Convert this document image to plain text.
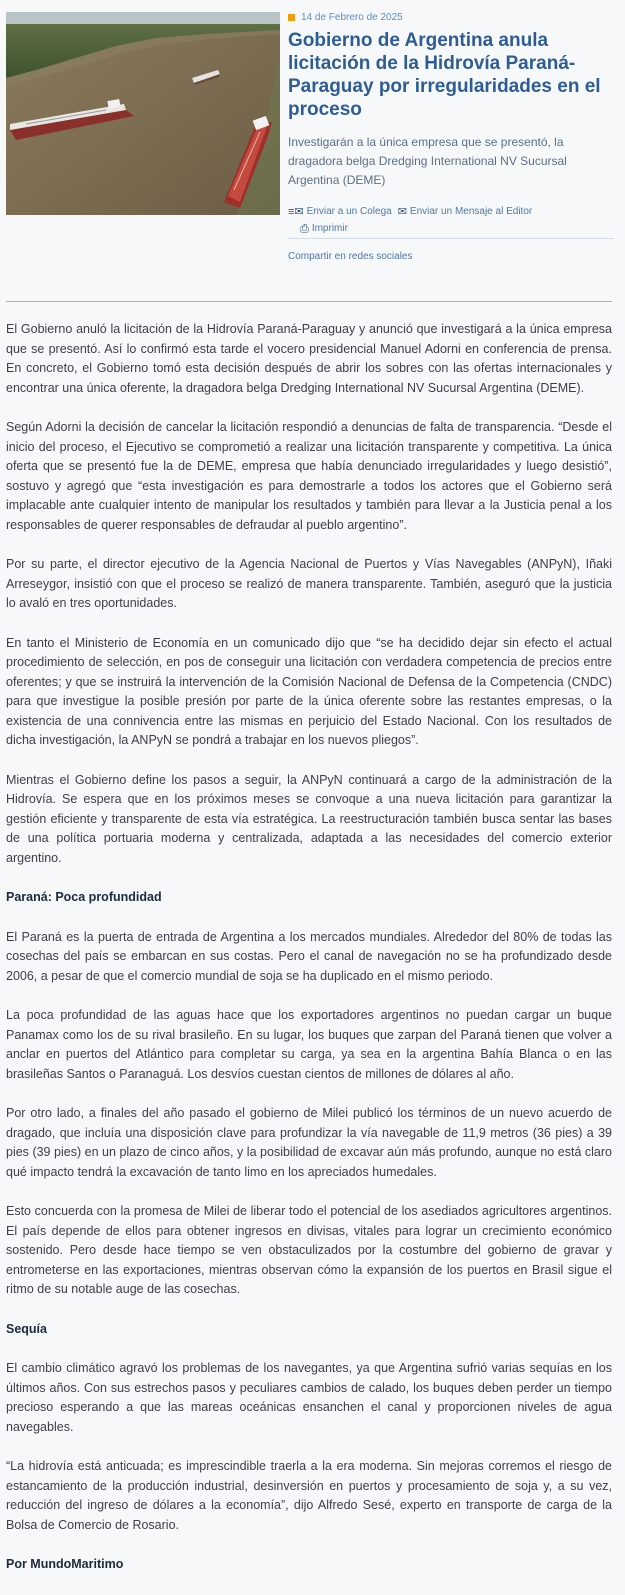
14 de Febrero de 2025
Gobierno de Argentina anula licitación de la Hidrovía Paraná-Paraguay por irregularidades en el proceso

Investigarán a la única empresa que se presentó, la dragadora belga Dredging International NV Sucursal Argentina (DEME)

≡✉ Enviar a un Colega ✉ Enviar un Mensaje al Editor
⎙ Imprimir
Compartir en redes sociales

El Gobierno anuló la licitación de la Hidrovía Paraná-Paraguay y anunció que investigará a la única empresa que se presentó. Así lo confirmó esta tarde el vocero presidencial Manuel Adorni en conferencia de prensa. En concreto, el Gobierno tomó esta decisión después de abrir los sobres con las ofertas internacionales y encontrar una única oferente, la dragadora belga Dredging International NV Sucursal Argentina (DEME).

Según Adorni la decisión de cancelar la licitación respondió a denuncias de falta de transparencia. “Desde el inicio del proceso, el Ejecutivo se comprometió a realizar una licitación transparente y competitiva. La única oferta que se presentó fue la de DEME, empresa que había denunciado irregularidades y luego desistió”, sostuvo y agregó que “esta investigación es para demostrarle a todos los actores que el Gobierno será implacable ante cualquier intento de manipular los resultados y también para llevar a la Justicia penal a los responsables de querer responsables de defraudar al pueblo argentino”.

Por su parte, el director ejecutivo de la Agencia Nacional de Puertos y Vías Navegables (ANPyN), Iñaki Arreseygor, insistió con que el proceso se realizó de manera transparente. También, aseguró que la justicia lo avaló en tres oportunidades.

En tanto el Ministerio de Economía en un comunicado dijo que “se ha decidido dejar sin efecto el actual procedimiento de selección, en pos de conseguir una licitación con verdadera competencia de precios entre oferentes; y que se instruirá la intervención de la Comisión Nacional de Defensa de la Competencia (CNDC) para que investigue la posible presión por parte de la única oferente sobre las restantes empresas, o la existencia de una connivencia entre las mismas en perjuicio del Estado Nacional. Con los resultados de dicha investigación, la ANPyN se pondrá a trabajar en los nuevos pliegos”.

Mientras el Gobierno define los pasos a seguir, la ANPyN continuará a cargo de la administración de la Hidrovía. Se espera que en los próximos meses se convoque a una nueva licitación para garantizar la gestión eficiente y transparente de esta vía estratégica. La reestructuración también busca sentar las bases de una política portuaria moderna y centralizada, adaptada a las necesidades del comercio exterior argentino.

Paraná: Poca profundidad

El Paraná es la puerta de entrada de Argentina a los mercados mundiales. Alrededor del 80% de todas las cosechas del país se embarcan en sus costas. Pero el canal de navegación no se ha profundizado desde 2006, a pesar de que el comercio mundial de soja se ha duplicado en el mismo periodo.

La poca profundidad de las aguas hace que los exportadores argentinos no puedan cargar un buque Panamax como los de su rival brasileño. En su lugar, los buques que zarpan del Paraná tienen que volver a anclar en puertos del Atlántico para completar su carga, ya sea en la argentina Bahía Blanca o en las brasileñas Santos o Paranaguá. Los desvíos cuestan cientos de millones de dólares al año.

Por otro lado, a finales del año pasado el gobierno de Milei publicó los términos de un nuevo acuerdo de dragado, que incluía una disposición clave para profundizar la vía navegable de 11,9 metros (36 pies) a 39 pies (39 pies) en un plazo de cinco años, y la posibilidad de excavar aún más profundo, aunque no está claro qué impacto tendrá la excavación de tanto limo en los apreciados humedales.

Esto concuerda con la promesa de Milei de liberar todo el potencial de los asediados agricultores argentinos. El país depende de ellos para obtener ingresos en divisas, vitales para lograr un crecimiento económico sostenido. Pero desde hace tiempo se ven obstaculizados por la costumbre del gobierno de gravar y entrometerse en las exportaciones, mientras observan cómo la expansión de los puertos en Brasil sigue el ritmo de su notable auge de las cosechas.

Sequía

El cambio climático agravó los problemas de los navegantes, ya que Argentina sufrió varias sequías en los últimos años. Con sus estrechos pasos y peculiares cambios de calado, los buques deben perder un tiempo precioso esperando a que las mareas oceánicas ensanchen el canal y proporcionen niveles de agua navegables.

“La hidrovía está anticuada; es imprescindible traerla a la era moderna. Sin mejoras corremos el riesgo de estancamiento de la producción industrial, desinversión en puertos y procesamiento de soja y, a su vez, reducción del ingreso de dólares a la economía”, dijo Alfredo Sesé, experto en transporte de carga de la Bolsa de Comercio de Rosario.

Por MundoMaritimo
